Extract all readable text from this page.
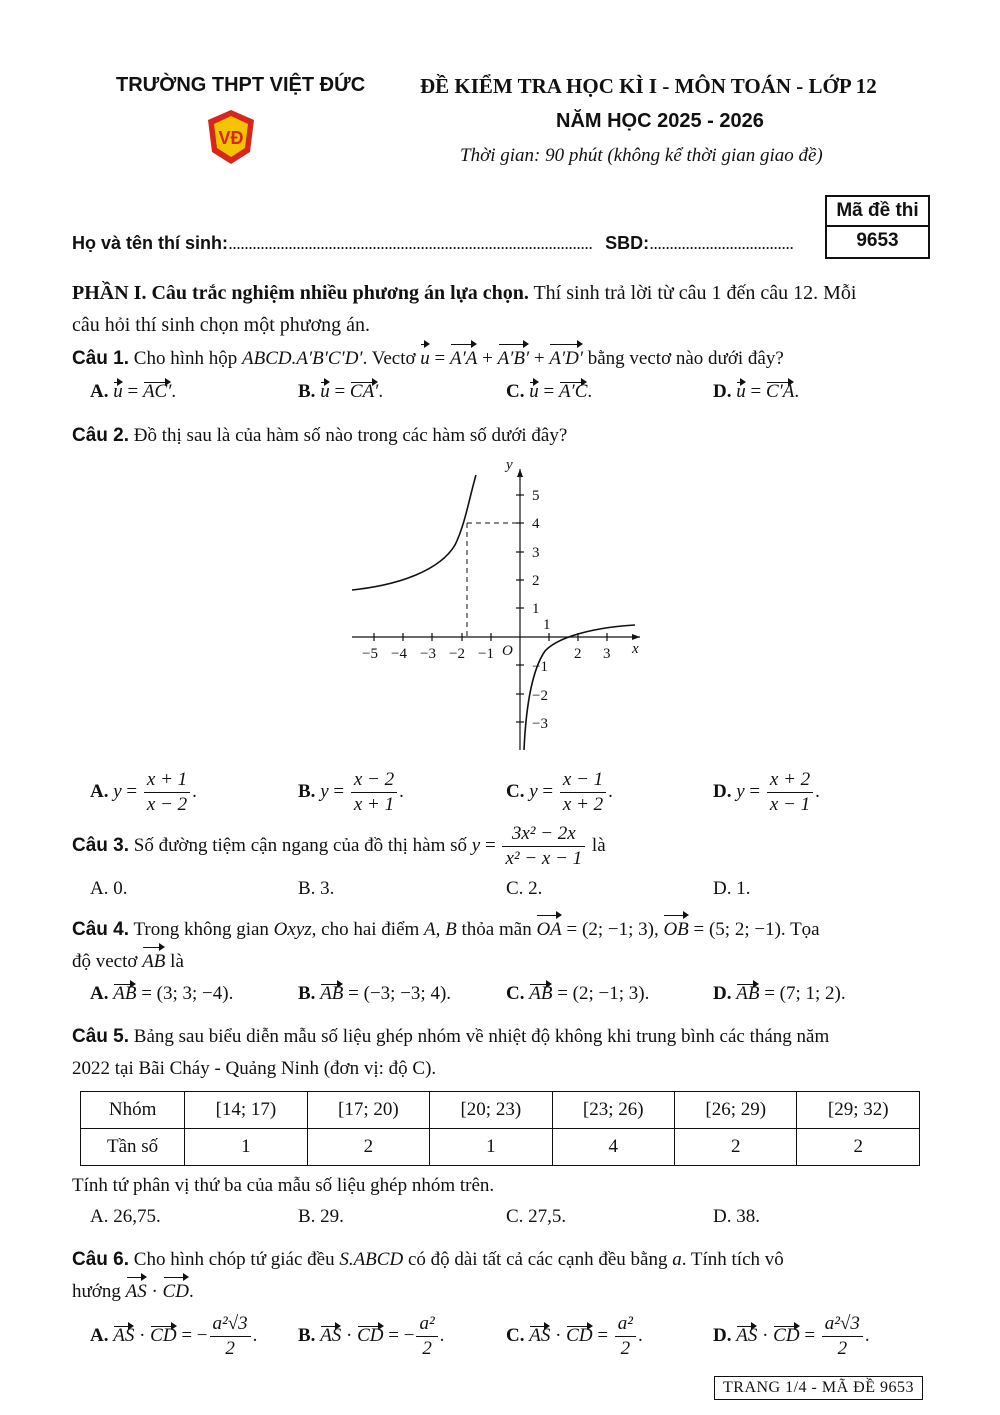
TRƯỜNG THPT VIỆT ĐỨC
VĐ
ĐỀ KIỂM TRA HỌC KÌ I - MÔN TOÁN - LỚP 12
NĂM HỌC 2025 - 2026
Thời gian: 90 phút (không kể thời gian giao đề)
Mã đề thi
9653
Họ và tên thí sinh:........................................................................................... SBD:....................................
PHẦN I. Câu trắc nghiệm nhiều phương án lựa chọn. Thí sinh trả lời từ câu 1 đến câu 12. Mỗi
câu hỏi thí sinh chọn một phương án.
Câu 1. Cho hình hộp ABCD.A′B′C′D′. Vectơ u = A′A + A′B′ + A′D′ bằng vectơ nào dưới đây?
A. u = AC′.	B. u = CA′.	C. u = A′C.	D. u = C′A.
Câu 2. Đồ thị sau là của hàm số nào trong các hàm số dưới đây?
y
x
O
−5 −4 −3 −2 −1	2 3
5
4
3
2
1
1
−1
−2
−3
A. $y = \frac{x + 1}{x - 2}$ .	B. $y = \frac{x - 2}{x + 1}$ .	C. $y = \frac{x - 1}{x + 2}$ .	D. $y = \frac{x + 2}{x - 1}$ .
Câu 3. Số đường tiệm cận ngang của đồ thị hàm số $y = \frac{\text{3x² − 2x}}{\text{x² − x − 1}}$ là
A. 0.	B. 3.	C. 2.	D. 1.
Câu 4. Trong không gian Oxyz, cho hai điểm A, B thỏa mãn OA = (2; −1; 3), OB = (5; 2; −1). Tọa
độ vectơ AB là
A. AB = (3; 3; −4).	B. AB = (−3; −3; 4).	C. AB = (2; −1; 3).	D. AB = (7; 1; 2).
Câu 5. Bảng sau biểu diễn mẫu số liệu ghép nhóm về nhiệt độ không khi trung bình các tháng năm
2022 tại Bãi Cháy - Quảng Ninh (đơn vị: độ C).
Nhóm	[14; 17)	[17; 20)	[20; 23)	[23; 26)	[26; 29)	[29; 32)
Tần số	1	2	1	4	2	2
Tính tứ phân vị thứ ba của mẫu số liệu ghép nhóm trên.
A. 26,75.	B. 29.	C. 27,5.	D. 38.
Câu 6. Cho hình chóp tứ giác đều S.ABCD có độ dài tất cả các cạnh đều bằng a. Tính tích vô
hướng AS · CD.
A. AS · CD = − $\frac{\text{a²√3}}{2}$ . B. AS · CD = − $\frac{\text{a²}}{2}$ .	C. AS · CD = $\frac{\text{a²}}{2}$ .	D. AS · CD = $\frac{\text{a²√3}}{2}$ .
TRANG 1/4 - MÃ ĐỀ 9653
